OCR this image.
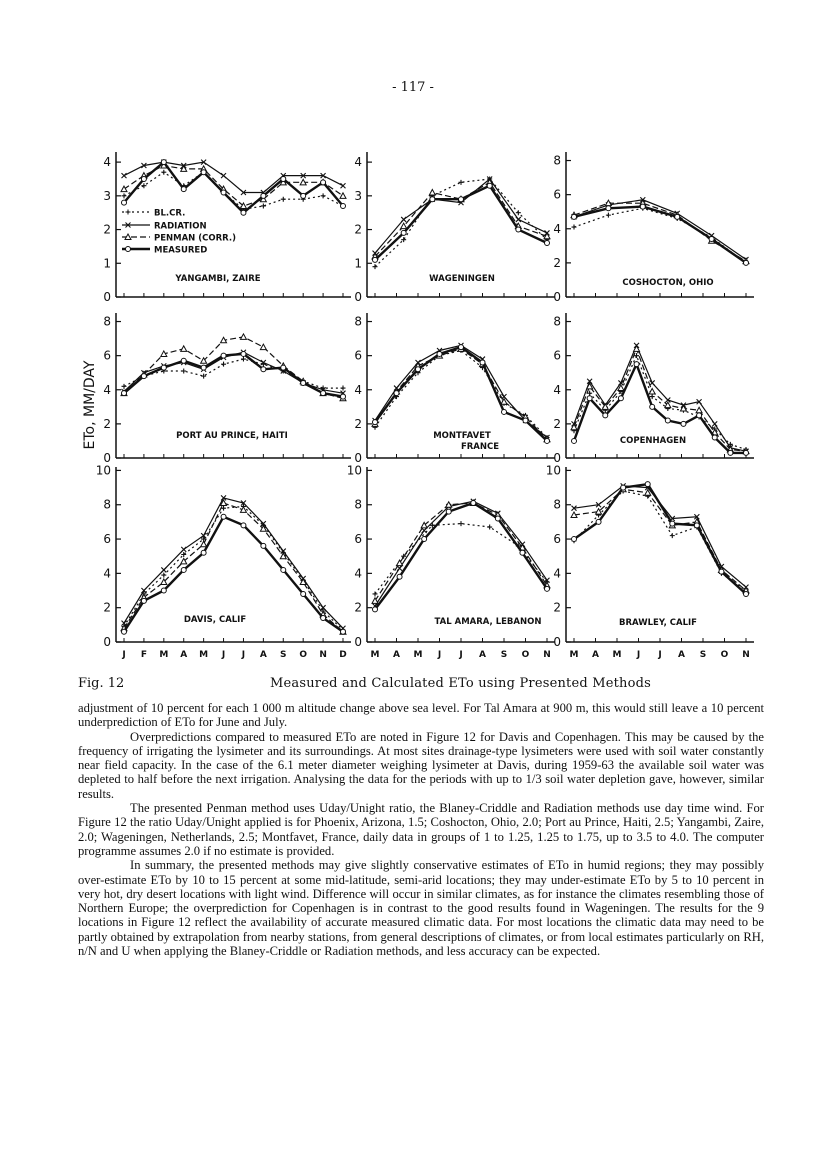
- 117 -
0
1
2
3
4
YANGAMBI, ZAIRE
0
1
2
3
4
WAGENINGEN
0
2
4
6
8
COSHOCTON, OHIO
0
2
4
6
8
PORT AU PRINCE, HAITI
0
2
4
6
8
MONTFAVET
FRANCE
0
2
4
6
8
COPENHAGEN
0
2
4
6
8
10
DAVIS, CALIF
0
2
4
6
8
10
TAL AMARA, LEBANON
0
2
4
6
8
10
BRAWLEY, CALIF
J F M A M J J A S O N D	M A M J J A S O N M A M J J A S O N
ETo, MM/DAY
BL.CR.
RADIATION
PENMAN (CORR.)
MEASURED
Fig. 12	Measured and Calculated ETo using Presented Methods

adjustment of 10 percent for each 1 000 m altitude change above sea level. For Tal Amara at 900 m, this would still leave a 10 percent underprediction of ETo for June and July.

Overpredictions compared to measured ETo are noted in Figure 12 for Davis and Copenhagen. This may be caused by the frequency of irrigating the lysimeter and its surroundings. At most sites drainage-type lysimeters were used with soil water constantly near field capacity. In the case of the 6.1 meter diameter weighing lysimeter at Davis, during 1959-63 the available soil water was depleted to half before the next irrigation. Analysing the data for the periods with up to 1/3 soil water depletion gave, however, similar results.

The presented Penman method uses Uday/Unight ratio, the Blaney-Criddle and Radiation methods use day time wind. For Figure 12 the ratio Uday/Unight applied is for Phoenix, Arizona, 1.5; Coshocton, Ohio, 2.0; Port au Prince, Haiti, 2.5; Yangambi, Zaire, 2.0; Wageningen, Netherlands, 2.5; Montfavet, France, daily data in groups of 1 to 1.25, 1.25 to 1.75, up to 3.5 to 4.0. The computer programme assumes 2.0 if no estimate is provided.

In summary, the presented methods may give slightly conservative estimates of ETo in humid regions; they may possibly over-estimate ETo by 10 to 15 percent at some mid-latitude, semi-arid locations; they may under-estimate ETo by 5 to 10 percent in very hot, dry desert locations with light wind. Difference will occur in similar climates, as for instance the climates resembling those of Northern Europe; the overprediction for Copenhagen is in contrast to the good results found in Wageningen. The results for the 9 locations in Figure 12 reflect the availability of accurate measured climatic data. For most locations the climatic data may need to be partly obtained by extrapolation from nearby stations, from general descriptions of climates, or from local estimates particularly on RH, n/N and U when applying the Blaney-Criddle or Radiation methods, and less accuracy can be expected.
